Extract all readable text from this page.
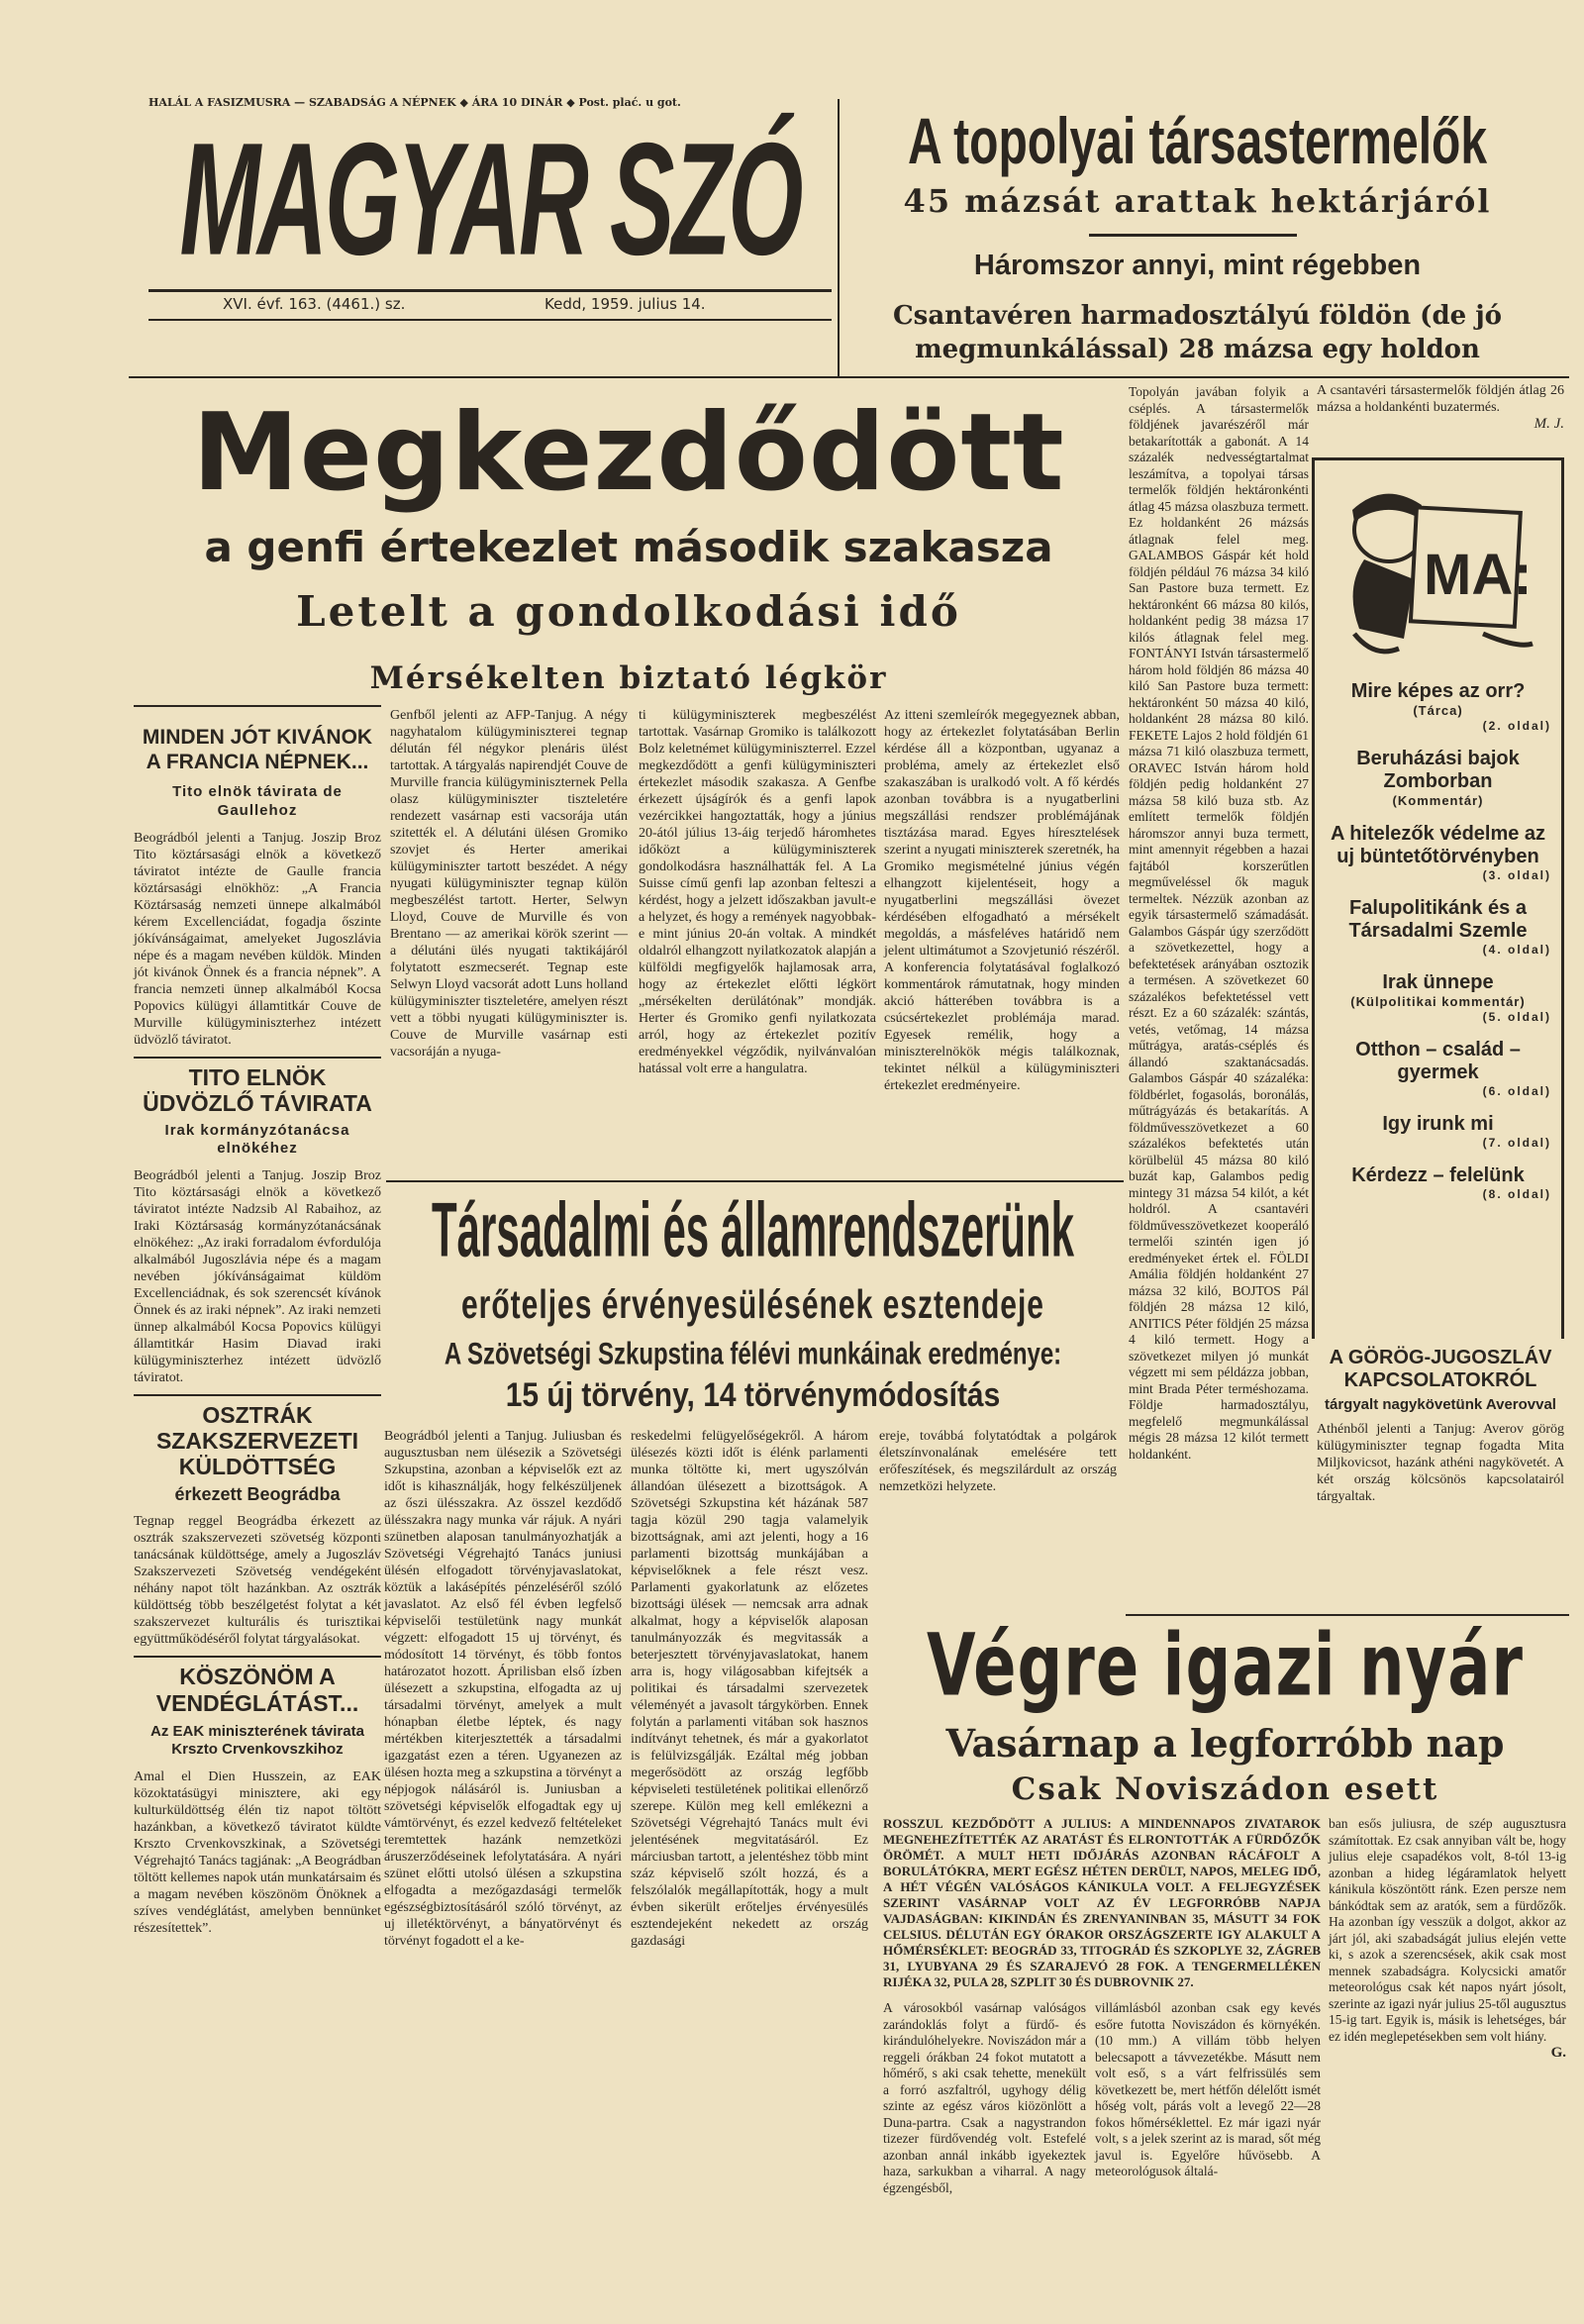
HALÁL A FASIZMUSRA — SZABADSÁG A NÉPNEK ◆ ÁRA 10 DINÁR ◆ Post. plać. u got.
MAGYAR SZÓ
XVI. évf. 163. (4461.) sz.	Kedd, 1959. julius 14.
A topolyai társastermelők
45 mázsát arattak hektárjáról
Háromszor annyi, mint régebben
Csantavéren harmadosztályú földön (de jó megmunkálással) 28 mázsa egy holdon
Megkezdődött
a genfi értekezlet második szakasza
Letelt a gondolkodási idő
Mérsékelten biztató légkör
MINDEN JÓT KIVÁNOK A FRANCIA NÉPNEK...
Tito elnök távirata de Gaullehoz
Beográdból jelenti a Tanjug. Joszip Broz Tito köztársasági elnök a következő táviratot intézte de Gaulle francia köztársasági elnökhöz: „A Francia Köztársaság nemzeti ünnepe alkalmából kérem Excellenciádat, fogadja őszinte jókívánságaimat, amelyeket Jugoszlávia népe és a magam nevében küldök. Minden jót kivánok Önnek és a francia népnek”. A francia nemzeti ünnep alkalmából Kocsa Popovics külügyi államtitkár Couve de Murville külügyminiszterhez intézett üdvözlő táviratot.
TITO ELNÖK ÜDVÖZLŐ TÁVIRATA
Irak kormányzótanácsa elnökéhez
Beográdból jelenti a Tanjug. Joszip Broz Tito köztársasági elnök a következő táviratot intézte Nadzsib Al Rabaihoz, az Iraki Köztársaság kormányzótanácsának elnökéhez: „Az iraki forradalom évfordulója alkalmából Jugoszlávia népe és a magam nevében jókívánságaimat küldöm Excellenciádnak, és sok szerencsét kívánok Önnek és az iraki népnek”. Az iraki nemzeti ünnep alkalmából Kocsa Popovics külügyi államtitkár Hasim Diavad iraki külügyminiszterhez intézett üdvözlő táviratot.
OSZTRÁK SZAKSZERVEZETI KÜLDÖTTSÉG
érkezett Beográdba
Tegnap reggel Beográdba érkezett az osztrák szakszervezeti szövetség központi tanácsának küldöttsége, amely a Jugoszláv Szakszervezeti Szövetség vendégeként néhány napot tölt hazánkban. Az osztrák küldöttség több beszélgetést folytat a két szakszervezet kulturális és turisztikai együttműködéséről folytat tárgyalásokat.
KÖSZÖNÖM A VENDÉGLÁTÁST...
Az EAK miniszterének távirata Krszto Crvenkovszkihoz
Amal el Dien Husszein, az EAK közoktatásügyi minisztere, aki egy kulturküldöttség élén tiz napot töltött hazánkban, a következő táviratot küldte Krszto Crvenkovszkinak, a Szövetségi Végrehajtó Tanács tagjának: „A Beográdban töltött kellemes napok után munkatársaim és a magam nevében köszönöm Önöknek a szíves vendéglátást, amelyben bennünket részesítettek”.
Genfből jelenti az AFP-Tanjug. A négy nagyhatalom külügyminiszterei tegnap délután fél négykor plenáris ülést tartottak. A tárgyalás napirendjét Couve de Murville francia külügyminiszternek Pella olasz külügyminiszter tiszteletére rendezett vasárnap esti vacsorája után szitették el. A délutáni ülésen Gromiko szovjet és Herter amerikai külügyminiszter tartott beszédet. A négy nyugati külügyminiszter tegnap külön megbeszélést tartott. Herter, Selwyn Lloyd, Couve de Murville és von Brentano — az amerikai körök szerint — a délutáni ülés nyugati taktikájáról folytatott eszmecserét. Tegnap este Selwyn Lloyd vacsorát adott Luns holland külügyminiszter tiszteletére, amelyen részt vett a többi nyugati külügyminiszter is. Couve de Murville vasárnap esti vacsoráján a nyuga-
ti külügyminiszterek megbeszélést tartottak. Vasárnap Gromiko is találkozott Bolz keletnémet külügyminiszterrel. Ezzel megkezdődött a genfi külügyminiszteri értekezlet második szakasza. A Genfbe érkezett újságírók és a genfi lapok vezércikkei hangoztatták, hogy a június 20-ától július 13-áig terjedő háromhetes időközt a külügyminiszterek gondolkodásra használhatták fel. A La Suisse című genfi lap azonban felteszi a kérdést, hogy a jelzett időszakban javult-e a helyzet, és hogy a remények nagyobbak-e mint június 20-án voltak. A mindkét oldalról elhangzott nyilatkozatok alapján a külföldi megfigyelők hajlamosak arra, hogy az értekezlet előtti légkört „mérsékelten derülátónak” mondják. Herter és Gromiko genfi nyilatkozata arról, hogy az értekezlet pozitív eredményekkel végződik, nyilvánvalóan hatással volt erre a hangulatra.
Az itteni szemleírók megegyeznek abban, hogy az értekezlet folytatásában Berlin kérdése áll a központban, ugyanaz a probléma, amely az értekezlet első szakaszában is uralkodó volt. A fő kérdés azonban továbbra is a nyugatberlini megszállási rendszer problémájának tisztázása marad. Egyes híresztelések szerint a nyugati miniszterek szeretnék, ha Gromiko megismételné június végén elhangzott kijelentéseit, hogy a nyugatberlini megszállási övezet kérdésében elfogadható a mérsékelt megoldás, a másfeléves határidő nem jelent ultimátumot a Szovjetunió részéről. A konferencia folytatásával foglalkozó kommentárok rámutatnak, hogy minden akció hátterében továbbra is a csúcsértekezlet problémája marad. Egyesek remélik, hogy a miniszterelnökök mégis találkoznak, tekintet nélkül a külügyminiszteri értekezlet eredményeire.
Topolyán javában folyik a cséplés. A társastermelők földjének javarészéről már betakarították a gabonát. A 14 százalék nedvességtartalmat leszámítva, a topolyai társas termelők földjén hektáronkénti átlag 45 mázsa olaszbuza termett. Ez holdanként 26 mázsás átlagnak felel meg. GALAMBOS Gáspár két hold földjén például 76 mázsa 34 kiló San Pastore buza termett. Ez hektáronként 66 mázsa 80 kilós, holdanként pedig 38 mázsa 17 kilós átlagnak felel meg. FONTÁNYI István társastermelő három hold földjén 86 mázsa 40 kiló San Pastore buza termett: hektáronként 50 mázsa 40 kiló, holdanként 28 mázsa 80 kiló. FEKETE Lajos 2 hold földjén 61 mázsa 71 kiló olaszbuza termett, ORAVEC István három hold földjén pedig holdanként 27 mázsa 58 kiló buza stb. Az említett termelők földjén háromszor annyi buza termett, mint amennyit régebben a hazai fajtából korszerűtlen megműveléssel ők maguk termeltek. Nézzük azonban az egyik társastermelő számadását. Galambos Gáspár úgy szerződött a szövetkezettel, hogy a befektetések arányában osztozik a termésen. A szövetkezet 60 százalékos befektetéssel vett részt. Ez a 60 százalék: szántás, vetés, vetőmag, 14 mázsa műtrágya, aratás-cséplés és állandó szaktanácsadás. Galambos Gáspár 40 százaléka: földbérlet, fogasolás, boronálás, műtrágyázás és betakarítás. A földművesszövetkezet a 60 százalékos befektetés után körülbelül 45 mázsa 80 kiló buzát kap, Galambos pedig mintegy 31 mázsa 54 kilót, a két holdról. A csantavéri földművesszövetkezet kooperáló termelői szintén igen jó eredményeket értek el. FÖLDI Amália földjén holdanként 27 mázsa 32 kiló, BOJTOS Pál földjén 28 mázsa 12 kiló, ANITICS Péter földjén 25 mázsa 4 kiló termett. Hogy a szövetkezet milyen jó munkát végzett mi sem példázza jobban, mint Brada Péter terméshozama. Földje harmadosztályu, megfelelő megmunkálással mégis 28 mázsa 12 kilót termett holdanként.
A csantavéri társastermelők földjén átlag 26 mázsa a holdankénti buzatermés.
M. J.
MA:
Mire képes az orr?
(Tárca)
(2. oldal)
Beruházási bajok Zomborban
(Kommentár)
A hitelezők védelme az uj büntetőtörvényben
(3. oldal)
Falupolitikánk és a Társadalmi Szemle
(4. oldal)
Irak ünnepe
(Külpolitikai kommentár)
(5. oldal)
Otthon – család – gyermek
(6. oldal)
Igy irunk mi
(7. oldal)
Kérdezz – felelünk
(8. oldal)
A GÖRÖG-JUGOSZLÁV KAPCSOLATOKRÓL
tárgyalt nagykövetünk Averovval
Athénből jelenti a Tanjug: Averov görög külügyminiszter tegnap fogadta Mita Miljkovicsot, hazánk athéni nagykövetét. A két ország kölcsönös kapcsolatairól tárgyaltak.
Társadalmi és államrendszerünk
erőteljes érvényesülésének esztendeje
A Szövetségi Szkupstina félévi munkáinak eredménye:
15 új törvény, 14 törvénymódosítás
Beográdból jelenti a Tanjug. Juliusban és augusztusban nem ülésezik a Szövetségi Szkupstina, azonban a képviselők ezt az időt is kihasználják, hogy felkészüljenek az őszi ülésszakra. Az összel kezdődő ülésszakra nagy munka vár rájuk. A nyári szünetben alaposan tanulmányozhatják a Szövetségi Végrehajtó Tanács juniusi ülésén elfogadott törvényjavaslatokat, köztük a lakásépítés pénzeléséről szóló javaslatot. Az első fél évben legfelső képviselői testületünk nagy munkát végzett: elfogadott 15 uj törvényt, és módosított 14 törvényt, és több fontos határozatot hozott. Áprilisban első ízben ülésezett a szkupstina, elfogadta az uj társadalmi törvényt, amelyek a mult hónapban életbe léptek, és nagy mértékben kiterjesztették a társadalmi igazgatást ezen a téren. Ugyanezen az ülésen hozta meg a szkupstina a törvényt a népjogok nálásáról is. Juniusban a szövetségi képviselők elfogadtak egy uj vámtörvényt, és ezzel kedvező feltételeket teremtettek hazánk nemzetközi áruszerződéseinek lefolytatására. A nyári szünet előtti utolsó ülésen a szkupstina elfogadta a mezőgazdasági termelők egészségbiztosításáról szóló törvényt, az uj illetéktörvényt, a bányatörvényt és törvényt fogadott el a ke-
reskedelmi felügyelőségekről. A három ülésezés közti időt is élénk parlamenti munka töltötte ki, mert ugyszólván állandóan ülésezett a bizottságok. A Szövetségi Szkupstina két házának 587 tagja közül 290 tagja valamelyik bizottságnak, ami azt jelenti, hogy a 16 parlamenti bizottság munkájában a képviselőknek a fele részt vesz. Parlamenti gyakorlatunk az előzetes bizottsági ülések — nemcsak arra adnak alkalmat, hogy a képviselők alaposan tanulmányozzák és megvitassák a beterjesztett törvényjavaslatokat, hanem arra is, hogy világosabban kifejtsék a politikai és társadalmi szervezetek véleményét a javasolt tárgykörben. Ennek folytán a parlamenti vitában sok hasznos indítványt tehetnek, és már a gyakorlatot is felülvizsgálják. Ezáltal még jobban megerősödött az ország legfőbb képviseleti testületének politikai ellenőrző szerepe. Külön meg kell emlékezni a Szövetségi Végrehajtó Tanács mult évi jelentésének megvitatásáról. Ez márciusban tartott, a jelentéshez több mint száz képviselő szólt hozzá, és a felszólalók megállapították, hogy a mult évben sikerült erőteljes érvényesülés esztendejeként nekedett az ország gazdasági
ereje, továbbá folytatódtak a polgárok életszínvonalának emelésére tett erőfeszítések, és megszilárdult az ország nemzetközi helyzete.
Végre igazi nyár
Vasárnap a legforróbb nap
Csak Noviszádon esett
ROSSZUL KEZDŐDÖTT A JULIUS: A MINDENNAPOS ZIVATAROK MEGNEHEZÍTETTÉK AZ ARATÁST ÉS ELRONTOTTÁK A FÜRDŐZŐK ÖRÖMÉT. A MULT HETI IDŐJÁRÁS AZONBAN RÁCÁFOLT A BORULÁTÓKRA, MERT EGÉSZ HÉTEN DERÜLT, NAPOS, MELEG IDŐ, A HÉT VÉGÉN VALÓSÁGOS KÁNIKULA VOLT. A FELJEGYZÉSEK SZERINT VASÁRNAP VOLT AZ ÉV LEGFORRÓBB NAPJA VAJDASÁGBAN: KIKINDÁN ÉS ZRENYANINBAN 35, MÁSUTT 34 FOK CELSIUS. DÉLUTÁN EGY ÓRAKOR ORSZÁGSZERTE IGY ALAKULT A HŐMÉRSÉKLET: BEOGRÁD 33, TITOGRÁD ÉS SZKOPLYE 32, ZÁGREB 31, LYUBYANA 29 ÉS SZARAJEVÓ 28 FOK. A TENGERMELLÉKEN RIJÉKA 32, PULA 28, SZPLIT 30 ÉS DUBROVNIK 27.
A városokból vasárnap valóságos zarándoklás folyt a fürdő- és kirándulóhelyekre. Noviszádon már a reggeli órákban 24 fokot mutatott a hőmérő, s aki csak tehette, menekült a forró aszfaltról, ugyhogy délig szinte az egész város kiözönlött a Duna-partra. Csak a nagystrandon tizezer fürdővendég volt. Estefelé azonban annál inkább igyekeztek haza, sarkukban a viharral. A nagy égzengésből,
villámlásból azonban csak egy kevés esőre futotta Noviszádon és környékén. (10 mm.) A villám több helyen belecsapott a távvezetékbe. Másutt nem volt eső, s a várt felfrissülés sem következett be, mert hétfőn délelőtt ismét hőség volt, párás volt a levegő 22—28 fokos hőmérséklettel. Ez már igazi nyár volt, s a jelek szerint az is marad, sőt még javul is. Egyelőre hűvösebb. A meteorológusok általá-
ban esős juliusra, de szép augusztusra számítottak. Ez csak annyiban vált be, hogy julius eleje csapadékos volt, 8-tól 13-ig azonban a hideg légáramlatok helyett kánikula köszöntött ránk. Ezen persze nem bánkódtak sem az aratók, sem a fürdőzők. Ha azonban így vesszük a dolgot, akkor az járt jól, aki szabadságát julius elején vette ki, s azok a szerencsések, akik csak most mennek szabadságra. Kolycsicki amatőr meteorológus csak két napos nyárt jósolt, szerinte az igazi nyár julius 25-től augusztus 15-ig tart. Egyik is, másik is lehetséges, bár ez idén meglepetésekben sem volt hiány.
G.
